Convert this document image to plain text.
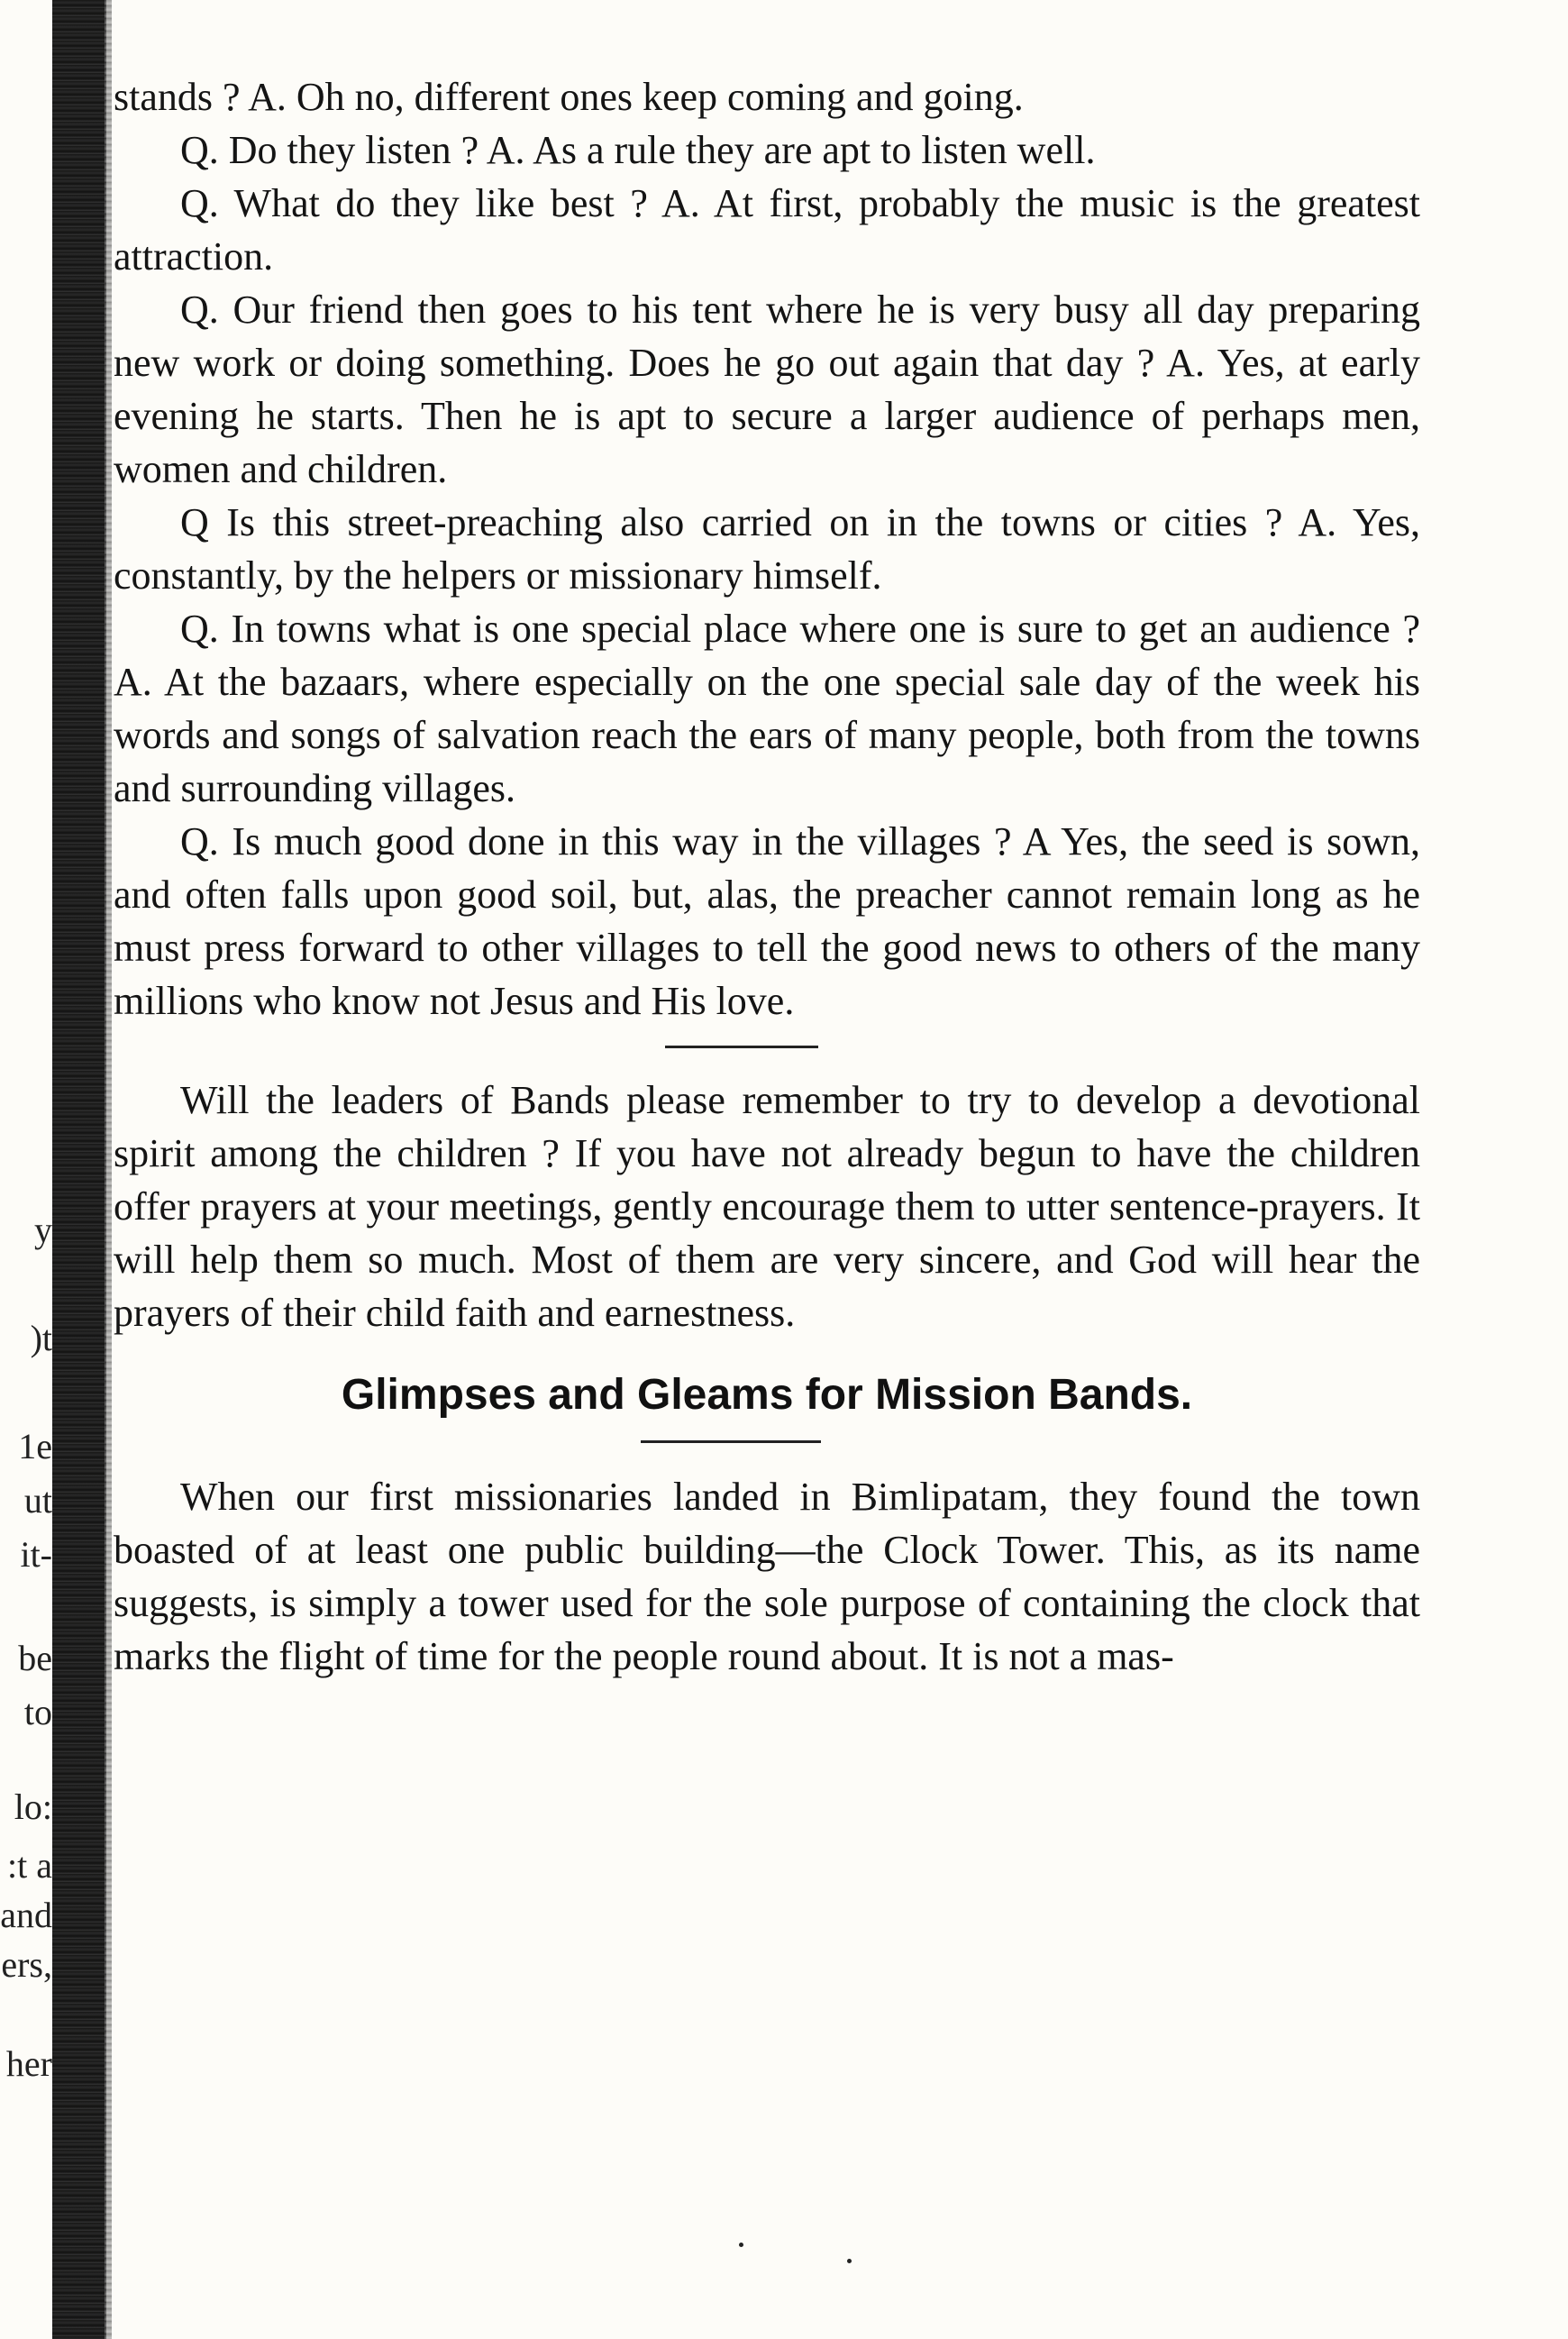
y
)t
1e
ut
it-
be
to
lo:
:t a
and
ers,
her

stands ? A. Oh no, different ones keep coming and going.

Q. Do they listen ? A. As a rule they are apt to listen well.

Q. What do they like best ? A. At first, probably the music is the greatest attraction.

Q. Our friend then goes to his tent where he is very busy all day preparing new work or doing something. Does he go out again that day ? A. Yes, at early evening he starts. Then he is apt to secure a larger audience of perhaps men, women and children.

Q Is this street-preaching also carried on in the towns or cities ? A. Yes, constantly, by the helpers or missionary himself.

Q. In towns what is one special place where one is sure to get an audience ? A. At the bazaars, where especially on the one special sale day of the week his words and songs of salvation reach the ears of many people, both from the towns and surrounding villages.

Q. Is much good done in this way in the villages ? A Yes, the seed is sown, and often falls upon good soil, but, alas, the preacher cannot remain long as he must press forward to other villages to tell the good news to others of the many millions who know not Jesus and His love.

Will the leaders of Bands please remember to try to develop a devotional spirit among the children ? If you have not already begun to have the children offer prayers at your meetings, gently encourage them to utter sentence-prayers. It will help them so much. Most of them are very sincere, and God will hear the prayers of their child faith and earnestness.

Glimpses and Gleams for Mission Bands.

When our first missionaries landed in Bimlipatam, they found the town boasted of at least one public building—the Clock Tower. This, as its name suggests, is simply a tower used for the sole purpose of containing the clock that marks the flight of time for the people round about. It is not a mas-
